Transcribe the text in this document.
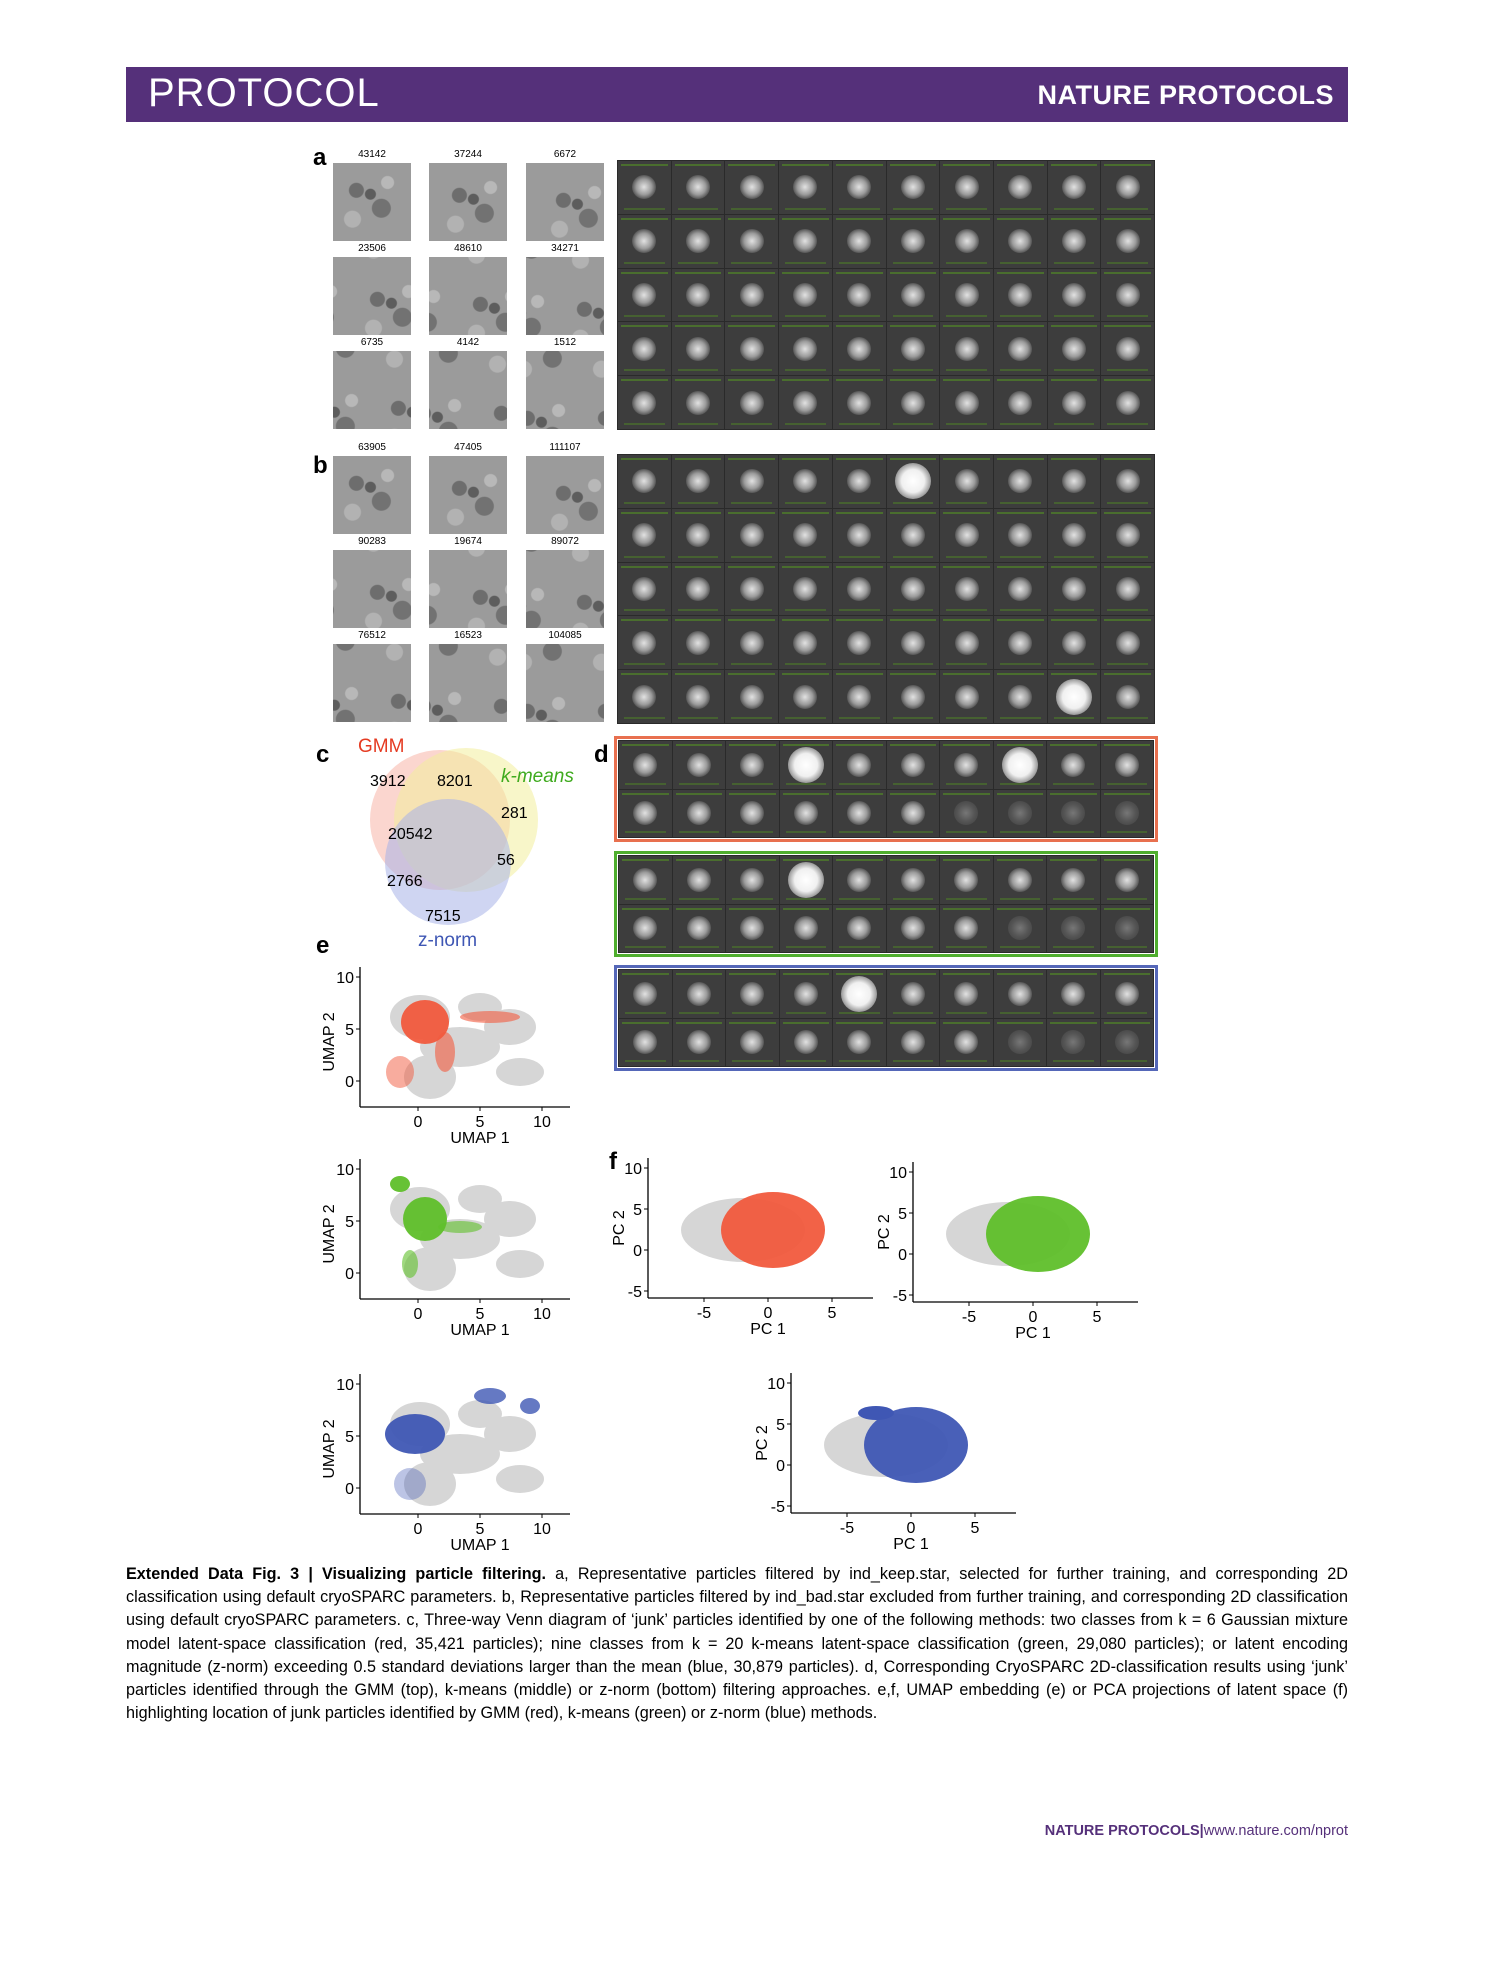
PROTOCOL	NATURE PROTOCOLS
a
b
c	d
e
f
43142	37244	6672
23506	48610	34271
6735	4142	1512
63905	47405	111107
90283	19674	89072
76512	16523	104085
GMM
k-means
z-norm
3912 8201
281
20542
56
2766
7515
10
5
0
0	5	10
UMAP 1
UMAP 2
10
5
0
0	5	10
UMAP 1
UMAP 2
10
5
0
0	5	10
UMAP 1
UMAP 2
10
5
0
-5
-5	0	5
PC 1
PC 2
10
5
0
-5
-5	0	5
PC 1
PC 2
10
5
0
-5
-5	0	5
PC 1
PC 2
Extended Data Fig. 3 | Visualizing particle filtering. a, Representative particles filtered by ind_keep.star, selected for further training, and corresponding 2D classification using default cryoSPARC parameters. b, Representative particles filtered by ind_bad.star excluded from further training, and corresponding 2D classification using default cryoSPARC parameters. c, Three-way Venn diagram of ‘junk’ particles identified by one of the following methods: two classes from k = 6 Gaussian mixture model latent-space classification (red, 35,421 particles); nine classes from k = 20 k-means latent-space classification (green, 29,080 particles); or latent encoding magnitude (z-norm) exceeding 0.5 standard deviations larger than the mean (blue, 30,879 particles). d, Corresponding CryoSPARC 2D-classification results using ‘junk’ particles identified through the GMM (top), k-means (middle) or z-norm (bottom) filtering approaches. e,f, UMAP embedding (e) or PCA projections of latent space (f) highlighting location of junk particles identified by GMM (red), k-means (green) or z-norm (blue) methods.
NATURE PROTOCOLS|www.nature.com/nprot
